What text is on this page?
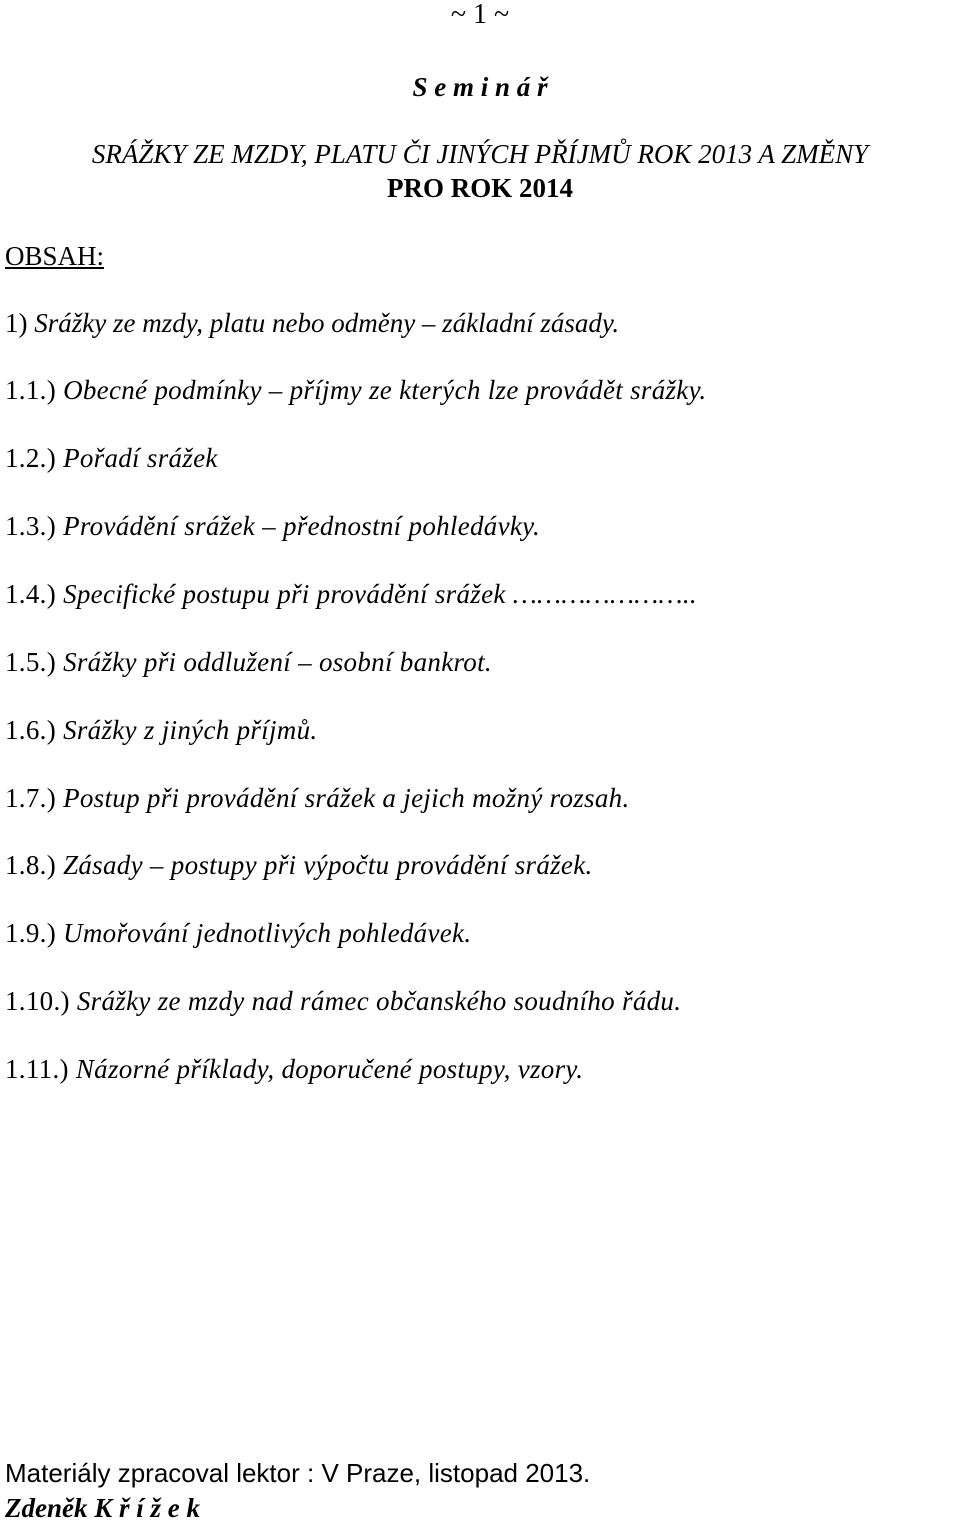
~ 1 ~
S e m i n á ř
SRÁŽKY ZE MZDY, PLATU ČI JINÝCH PŘÍJMŮ ROK 2013 A ZMĚNY
PRO ROK 2014
OBSAH:
1) Srážky ze mzdy, platu nebo odměny – základní zásady.
1.1.) Obecné podmínky – příjmy ze kterých lze provádět srážky.
1.2.) Pořadí srážek
1.3.) Provádění srážek – přednostní pohledávky.
1.4.) Specifické postupu při provádění srážek …………………..
1.5.) Srážky při oddlužení – osobní bankrot.
1.6.) Srážky z jiných příjmů.
1.7.) Postup při provádění srážek a jejich možný rozsah.
1.8.) Zásady – postupy při výpočtu provádění srážek.
1.9.) Umořování jednotlivých pohledávek.
1.10.) Srážky ze mzdy nad rámec občanského soudního řádu.
1.11.) Názorné příklady, doporučené postupy, vzory.
Materiály zpracoval lektor : V Praze, listopad 2013.
Zdeněk K ř í ž e k
